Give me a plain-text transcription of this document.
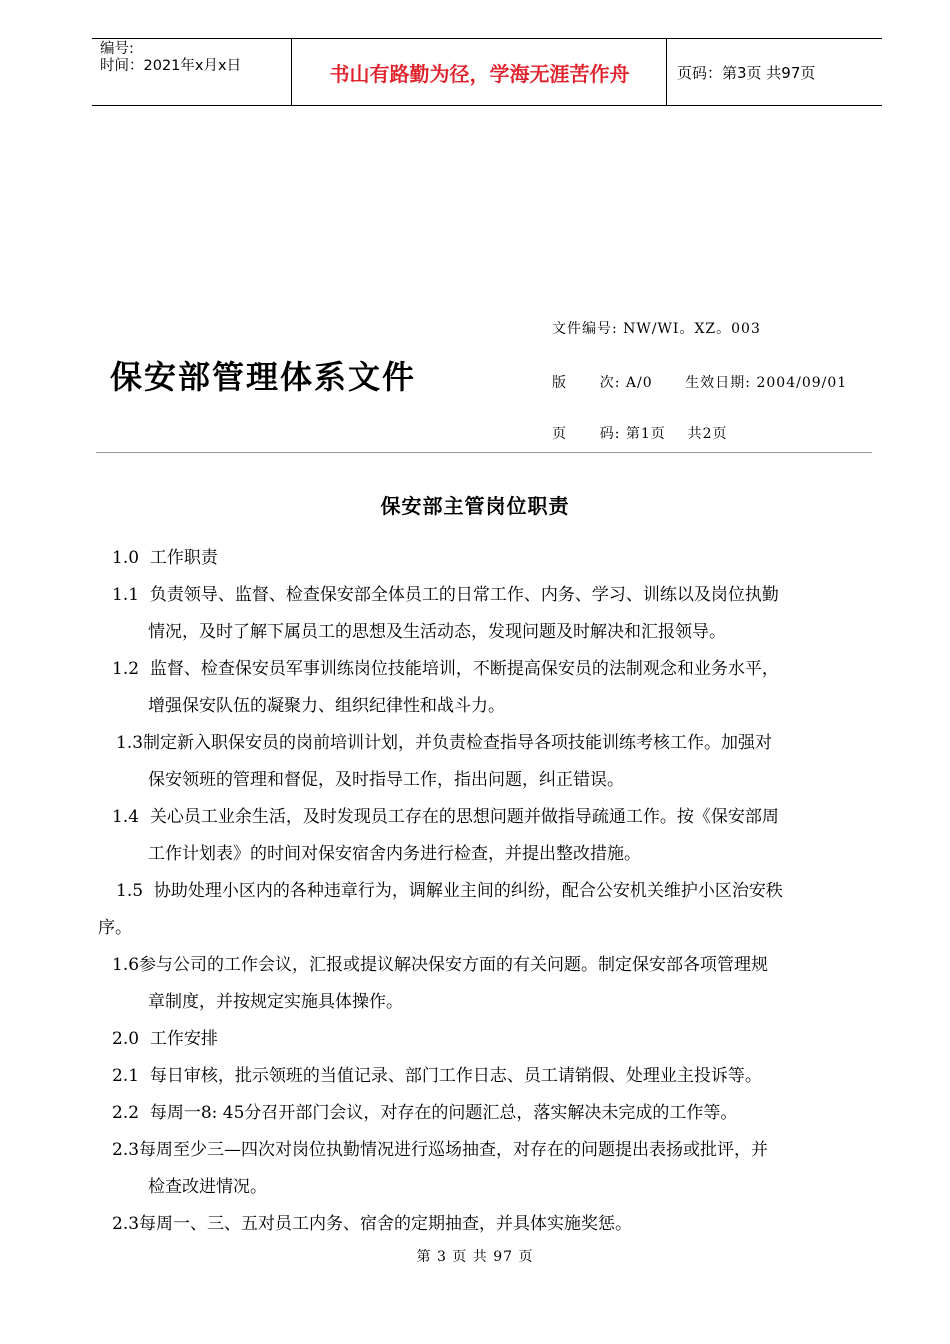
编号:
时间：2021年x月x日	书山有路勤为径，学海无涯苦作舟	页码：第3页 共97页
保安部管理体系文件
文件编号: NW/WI。XZ。003
版      次: A/0      生效日期: 2004/09/01
页      码: 第1页    共2页
保安部主管岗位职责

1.0  工作职责

1.1  负责领导、监督、检查保安部全体员工的日常工作、内务、学习、训练以及岗位执勤

情况，及时了解下属员工的思想及生活动态，发现问题及时解决和汇报领导。

1.2  监督、检查保安员军事训练岗位技能培训，不断提高保安员的法制观念和业务水平，

增强保安队伍的凝聚力、组织纪律性和战斗力。

1.3制定新入职保安员的岗前培训计划，并负责检查指导各项技能训练考核工作。加强对

保安领班的管理和督促，及时指导工作，指出问题，纠正错误。

1.4  关心员工业余生活，及时发现员工存在的思想问题并做指导疏通工作。按《保安部周

工作计划表》的时间对保安宿舍内务进行检查，并提出整改措施。

1.5  协助处理小区内的各种违章行为，调解业主间的纠纷，配合公安机关维护小区治安秩

序。

1.6参与公司的工作会议，汇报或提议解决保安方面的有关问题。制定保安部各项管理规

章制度，并按规定实施具体操作。

2.0  工作安排

2.1  每日审核，批示领班的当值记录、部门工作日志、员工请销假、处理业主投诉等。

2.2  每周一8: 45分召开部门会议，对存在的问题汇总，落实解决未完成的工作等。

2.3每周至少三—四次对岗位执勤情况进行巡场抽查，对存在的问题提出表扬或批评，并

检查改进情况。

2.3每周一、三、五对员工内务、宿舍的定期抽查，并具体实施奖惩。

第 3 页 共 97 页
